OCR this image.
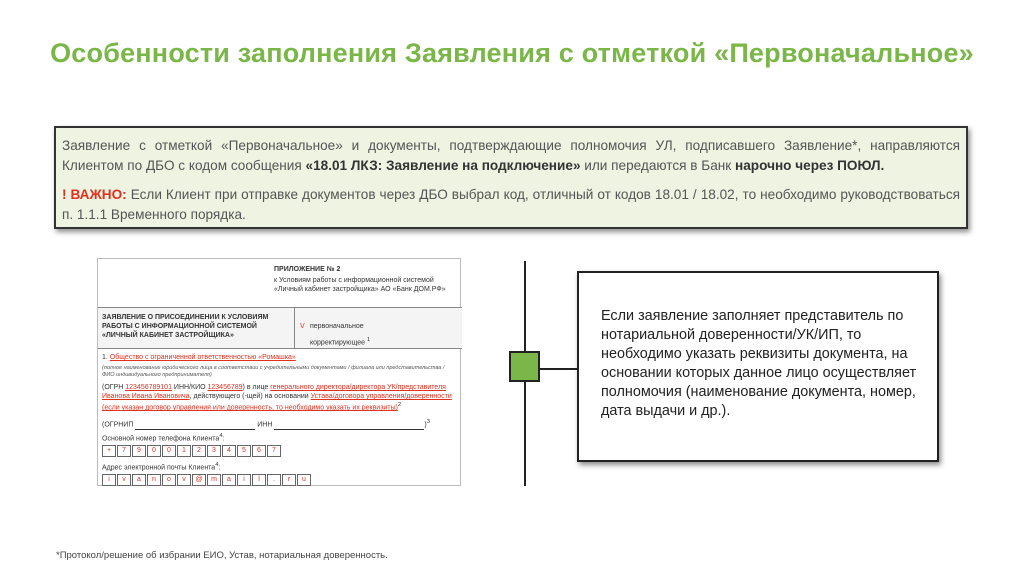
Особенности заполнения Заявления с отметкой «Первоначальное»

Заявление с отметкой «Первоначальное» и документы, подтверждающие полномочия УЛ, подписавшего Заявление*, направляются Клиентом по ДБО с кодом сообщения «18.01 ЛКЗ: Заявление на подключение» или передаются в Банк нарочно через ПОЮЛ.

! ВАЖНО: Если Клиент при отправке документов через ДБО выбрал код, отличный от кодов 18.01 / 18.02, то необходимо руководствоваться п. 1.1.1 Временного порядка.

ПРИЛОЖЕНИЕ № 2
к Условиям работы с информационной системой «Личный кабинет застройщика» АО «Банк ДОМ.РФ»
ЗАЯВЛЕНИЕ О ПРИСОЕДИНЕНИИ К УСЛОВИЯМ РАБОТЫ С ИНФОРМАЦИОННОЙ СИСТЕМОЙ «ЛИЧНЫЙ КАБИНЕТ ЗАСТРОЙЩИКА»
V первоначальное
корректирующее $^1$
1. Общество с ограниченной ответственностью «Ромашка»
(полное наименование юридического лица в соответствии с учредительными документами / филиала или представительства / ФИО индивидуального предпринимателя)
(ОГРН 123456789101 ИНН/КИО 123456789) в лице генерального директора/директора УК/представителя Иванова Ивана Ивановича, действующего (-щей) на основании Устава/договора управления/доверенности (если указан договор управления или доверенность, то необходимо указать их реквизиты)$^2$
(ОГРНИП	ИНН	)$^3$
Основной номер телефона Клиента$^4$:
+	7	9	0	0	1	2	3	4	5	6	7
Адрес электронной почты Клиента$^4$:
i	v	a	n	o	v	@	m	a	i	l	.	r	u
Если заявление заполняет представитель по нотариальной доверенности/УК/ИП, то необходимо указать реквизиты документа, на основании которых данное лицо осуществляет полномочия (наименование документа, номер, дата выдачи и др.).
*Протокол/решение об избрании ЕИО, Устав, нотариальная доверенность.
